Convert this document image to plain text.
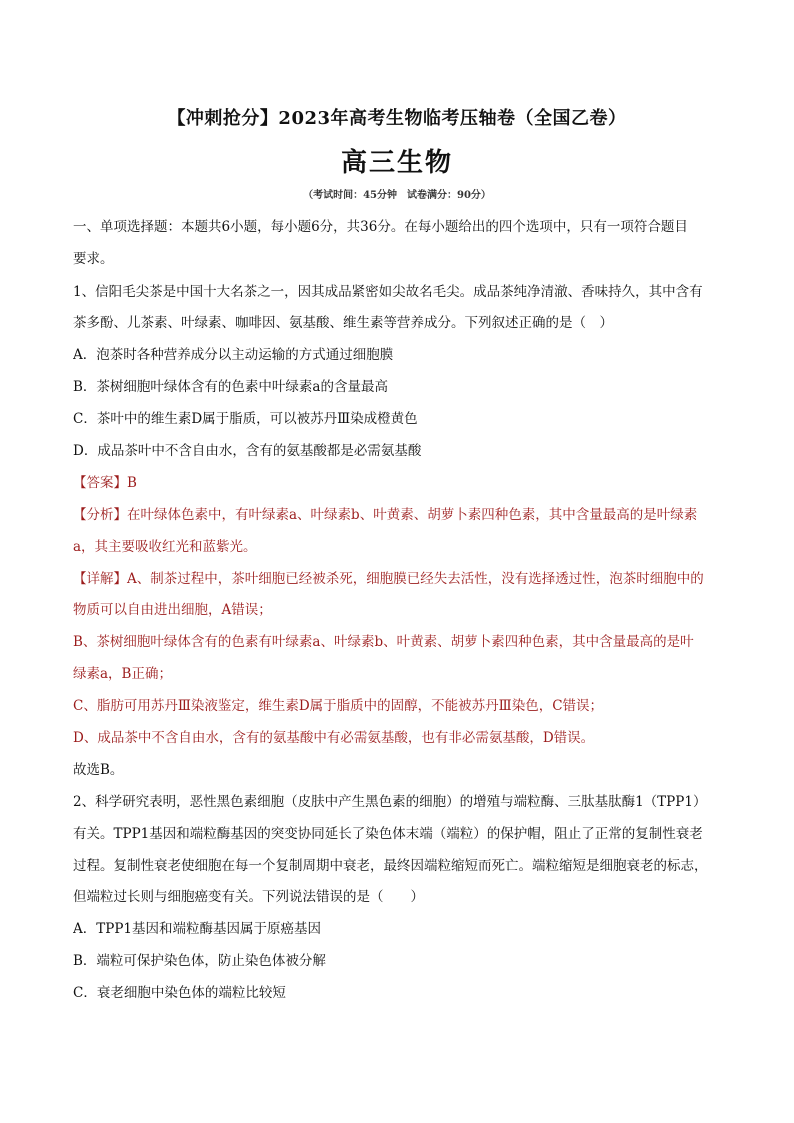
【冲刺抢分】2023年高考生物临考压轴卷（全国乙卷）
高三生物
（考试时间：45分钟　试卷满分：90分）
一、单项选择题：本题共6小题，每小题6分，共36分。在每小题给出的四个选项中，只有一项符合题目
要求。
1、信阳毛尖茶是中国十大名茶之一，因其成品紧密如尖故名毛尖。成品茶纯净清澈、香味持久，其中含有
茶多酚、儿茶素、叶绿素、咖啡因、氨基酸、维生素等营养成分。下列叙述正确的是（　）
A．泡茶时各种营养成分以主动运输的方式通过细胞膜
B．茶树细胞叶绿体含有的色素中叶绿素a的含量最高
C．茶叶中的维生素D属于脂质，可以被苏丹Ⅲ染成橙黄色
D．成品茶叶中不含自由水，含有的氨基酸都是必需氨基酸
【答案】B
【分析】在叶绿体色素中，有叶绿素a、叶绿素b、叶黄素、胡萝卜素四种色素，其中含量最高的是叶绿素
a，其主要吸收红光和蓝紫光。
【详解】A、制茶过程中，茶叶细胞已经被杀死，细胞膜已经失去活性，没有选择透过性，泡茶时细胞中的
物质可以自由进出细胞，A错误；
B、茶树细胞叶绿体含有的色素有叶绿素a、叶绿素b、叶黄素、胡萝卜素四种色素，其中含量最高的是叶
绿素a，B正确；
C、脂肪可用苏丹Ⅲ染液鉴定，维生素D属于脂质中的固醇，不能被苏丹Ⅲ染色，C错误；
D、成品茶中不含自由水，含有的氨基酸中有必需氨基酸，也有非必需氨基酸，D错误。
故选B。
2、科学研究表明，恶性黑色素细胞（皮肤中产生黑色素的细胞）的增殖与端粒酶、三肽基肽酶1（TPP1）
有关。TPP1基因和端粒酶基因的突变协同延长了染色体末端（端粒）的保护帽，阻止了正常的复制性衰老
过程。复制性衰老使细胞在每一个复制周期中衰老，最终因端粒缩短而死亡。端粒缩短是细胞衰老的标志，
但端粒过长则与细胞癌变有关。下列说法错误的是（　　）
A．TPP1基因和端粒酶基因属于原癌基因
B．端粒可保护染色体，防止染色体被分解
C．衰老细胞中染色体的端粒比较短
